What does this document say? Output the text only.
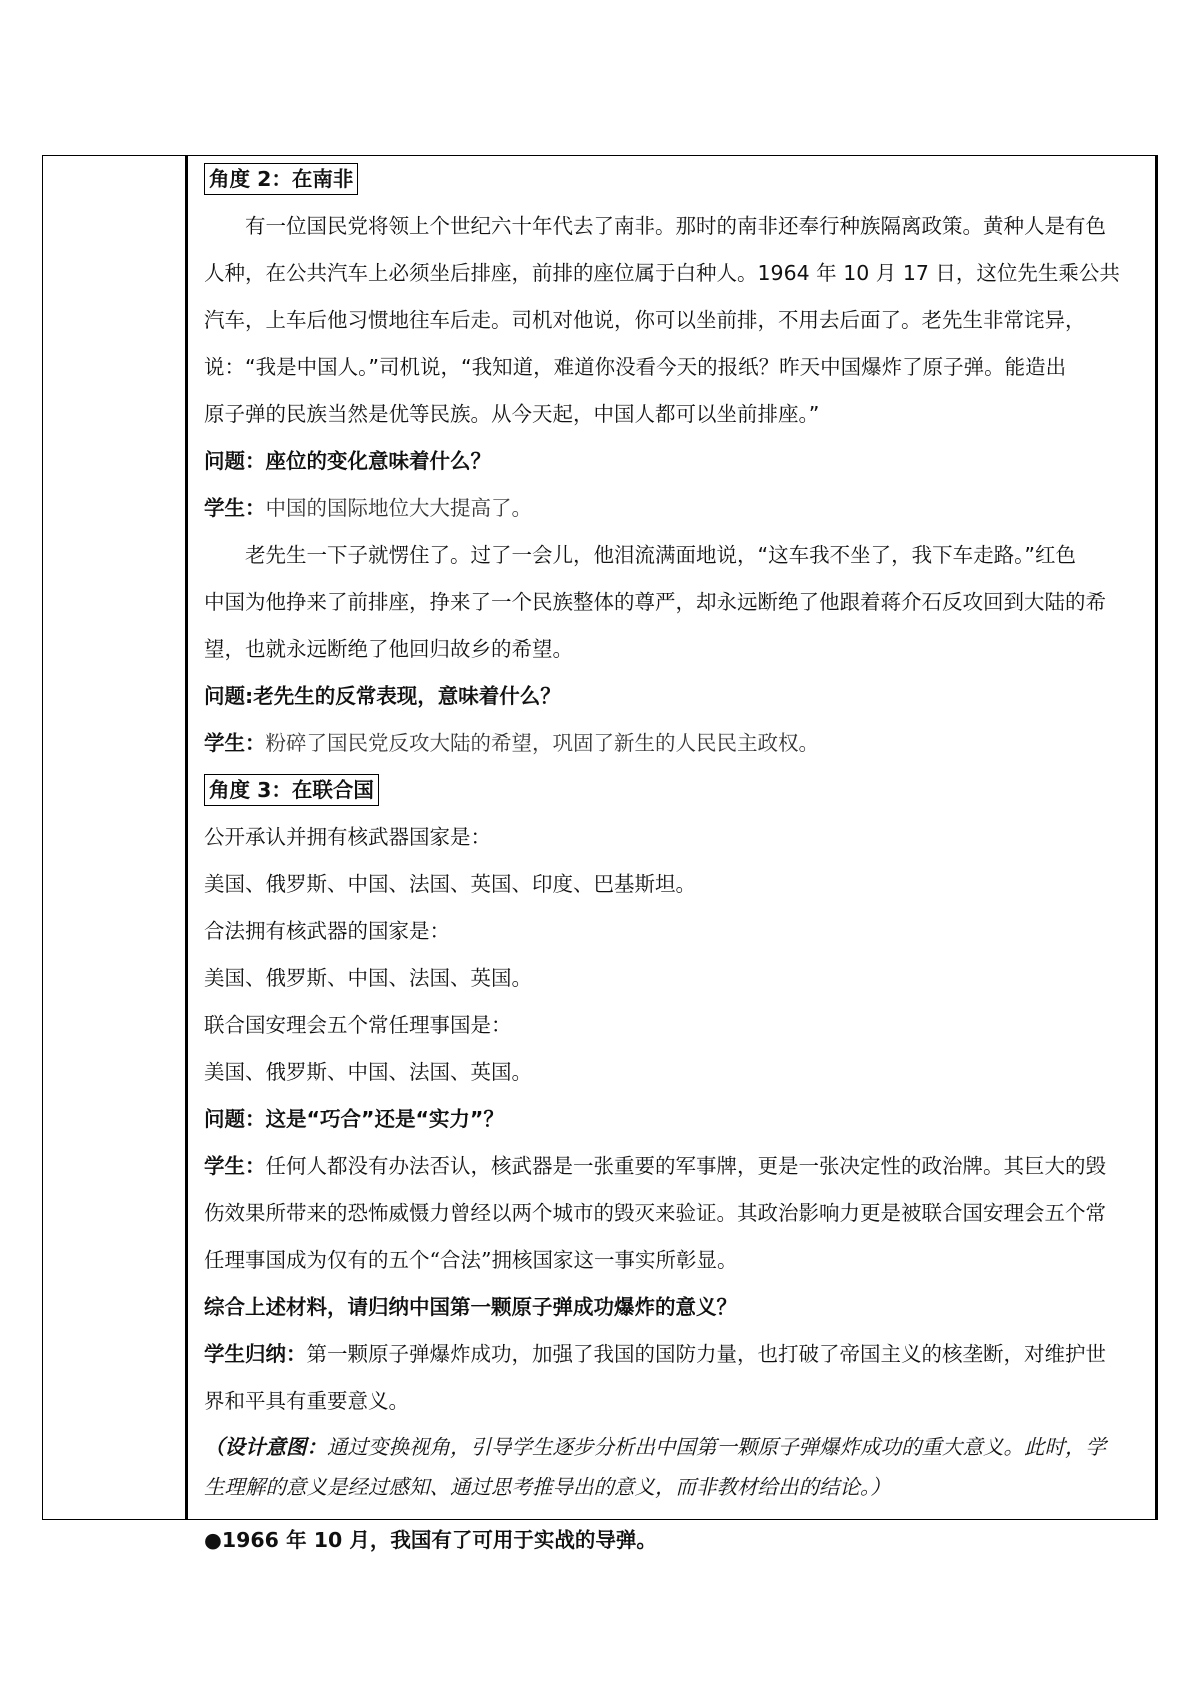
角度 2：在南非

有一位国民党将领上个世纪六十年代去了南非。那时的南非还奉行种族隔离政策。黄种人是有色

人种，在公共汽车上必须坐后排座，前排的座位属于白种人。1964 年 10 月 17 日，这位先生乘公共

汽车，上车后他习惯地往车后走。司机对他说，你可以坐前排，不用去后面了。老先生非常诧异，

说：“我是中国人。”司机说，“我知道，难道你没看今天的报纸？昨天中国爆炸了原子弹。能造出

原子弹的民族当然是优等民族。从今天起，中国人都可以坐前排座。”

问题：座位的变化意味着什么？

学生：中国的国际地位大大提高了。

老先生一下子就愣住了。过了一会儿，他泪流满面地说，“这车我不坐了，我下车走路。”红色

中国为他挣来了前排座，挣来了一个民族整体的尊严，却永远断绝了他跟着蒋介石反攻回到大陆的希

望，也就永远断绝了他回归故乡的希望。

问题:老先生的反常表现，意味着什么？

学生：粉碎了国民党反攻大陆的希望，巩固了新生的人民民主政权。

角度 3：在联合国

公开承认并拥有核武器国家是：

美国、俄罗斯、中国、法国、英国、印度、巴基斯坦。

合法拥有核武器的国家是：

美国、俄罗斯、中国、法国、英国。

联合国安理会五个常任理事国是：

美国、俄罗斯、中国、法国、英国。

问题：这是“巧合”还是“实力”？

学生：任何人都没有办法否认，核武器是一张重要的军事牌，更是一张决定性的政治牌。其巨大的毁

伤效果所带来的恐怖威慑力曾经以两个城市的毁灭来验证。其政治影响力更是被联合国安理会五个常

任理事国成为仅有的五个“合法”拥核国家这一事实所彰显。

综合上述材料，请归纳中国第一颗原子弹成功爆炸的意义？

学生归纳：第一颗原子弹爆炸成功，加强了我国的国防力量，也打破了帝国主义的核垄断，对维护世

界和平具有重要意义。

（设计意图：通过变换视角，引导学生逐步分析出中国第一颗原子弹爆炸成功的重大意义。此时，学

生理解的意义是经过感知、通过思考推导出的意义，而非教材给出的结论。）

●1966 年 10 月，我国有了可用于实战的导弹。
